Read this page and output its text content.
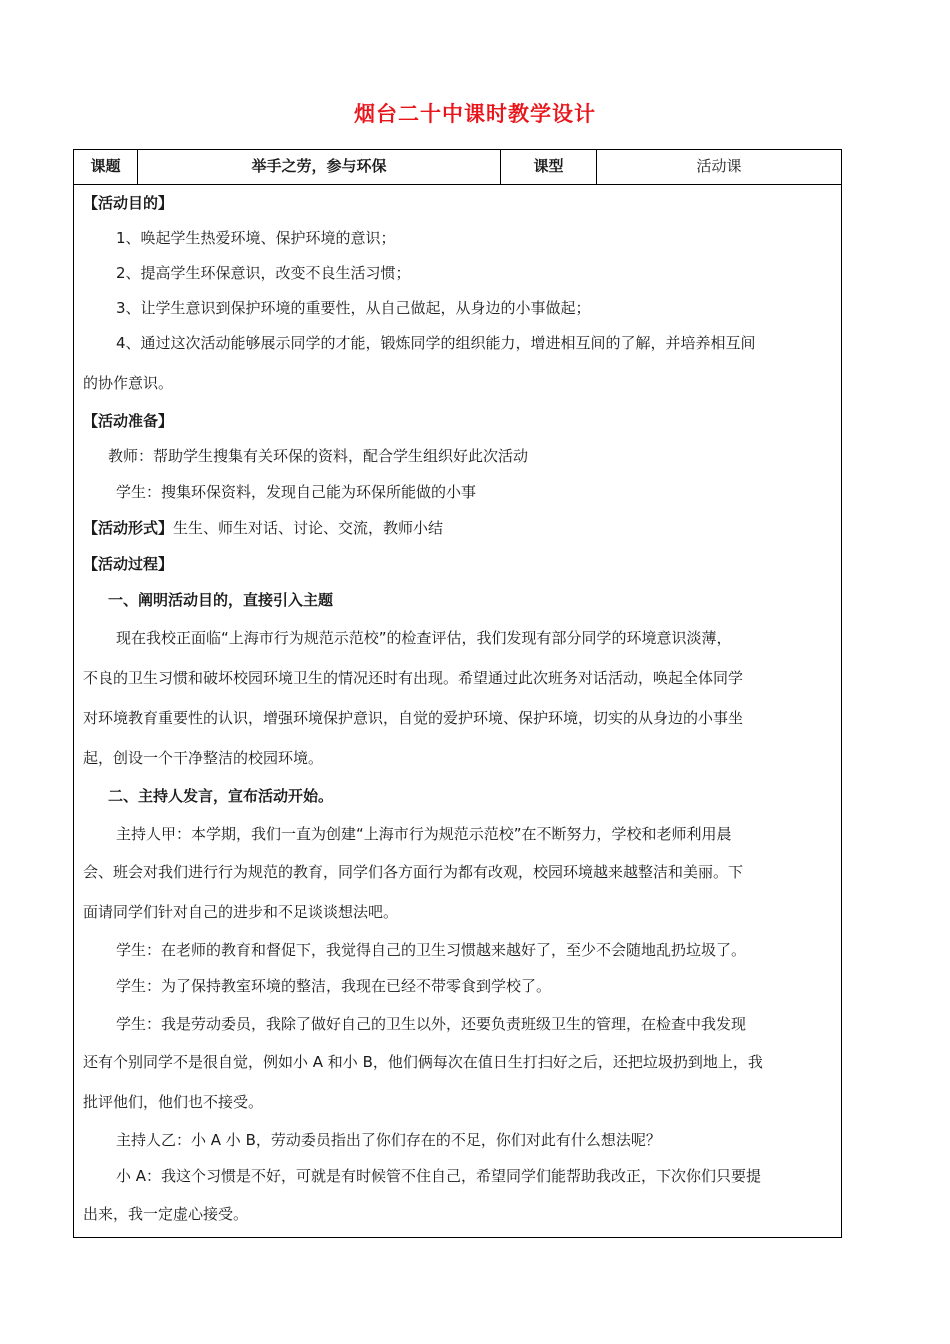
烟台二十中课时教学设计
课题	举手之劳，参与环保	课型	活动课
【活动目的】
1、唤起学生热爱环境、保护环境的意识；
2、提高学生环保意识，改变不良生活习惯；
3、让学生意识到保护环境的重要性，从自己做起，从身边的小事做起；
4、通过这次活动能够展示同学的才能，锻炼同学的组织能力，增进相互间的了解，并培养相互间
的协作意识。
【活动准备】
教师：帮助学生搜集有关环保的资料，配合学生组织好此次活动
学生：搜集环保资料，发现自己能为环保所能做的小事
【活动形式】生生、师生对话、讨论、交流，教师小结
【活动过程】
一、阐明活动目的，直接引入主题
现在我校正面临“上海市行为规范示范校”的检查评估，我们发现有部分同学的环境意识淡薄，
不良的卫生习惯和破坏校园环境卫生的情况还时有出现。希望通过此次班务对话活动，唤起全体同学
对环境教育重要性的认识，增强环境保护意识，自觉的爱护环境、保护环境，切实的从身边的小事坐
起，创设一个干净整洁的校园环境。
二、主持人发言，宣布活动开始。
主持人甲：本学期，我们一直为创建“上海市行为规范示范校”在不断努力，学校和老师利用晨
会、班会对我们进行行为规范的教育，同学们各方面行为都有改观，校园环境越来越整洁和美丽。下
面请同学们针对自己的进步和不足谈谈想法吧。
学生：在老师的教育和督促下，我觉得自己的卫生习惯越来越好了，至少不会随地乱扔垃圾了。
学生：为了保持教室环境的整洁，我现在已经不带零食到学校了。
学生：我是劳动委员，我除了做好自己的卫生以外，还要负责班级卫生的管理，在检查中我发现
还有个别同学不是很自觉，例如小 A 和小 B，他们俩每次在值日生打扫好之后，还把垃圾扔到地上，我
批评他们，他们也不接受。
主持人乙：小 A 小 B，劳动委员指出了你们存在的不足，你们对此有什么想法呢？
小 A：我这个习惯是不好，可就是有时候管不住自己，希望同学们能帮助我改正，下次你们只要提
出来，我一定虚心接受。
